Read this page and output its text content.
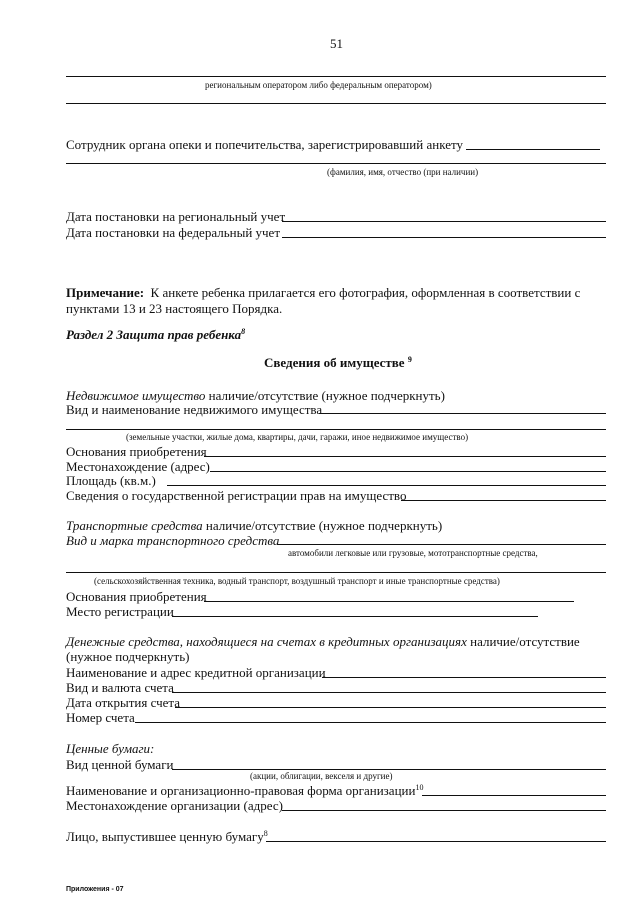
51
региональным оператором либо федеральным оператором)
Сотрудник органа опеки и попечительства, зарегистрировавший анкету
(фамилия, имя, отчество (при наличии)
Дата постановки на региональный учет
Дата постановки на федеральный учет
Примечание: К анкете ребенка прилагается его фотография, оформленная в соответствии с
пунктами 13 и 23 настоящего Порядка.
Раздел 2 Защита прав ребенка$^8$
Сведения об имуществе $^9$
Недвижимое имущество наличие/отсутствие (нужное подчеркнуть)
Вид и наименование недвижимого имущества
(земельные участки, жилые дома, квартиры, дачи, гаражи, иное недвижимое имущество)
Основания приобретения
Местонахождение (адрес)
Площадь (кв.м.)
Сведения о государственной регистрации прав на имущество
Транспортные средства наличие/отсутствие (нужное подчеркнуть)
Вид и марка транспортного средства
автомобили легковые или грузовые, мототранспортные средства,
(сельскохозяйственная техника, водный транспорт, воздушный транспорт и иные транспортные средства)
Основания приобретения
Место регистрации
Денежные средства, находящиеся на счетах в кредитных организациях наличие/отсутствие
(нужное подчеркнуть)
Наименование и адрес кредитной организации
Вид и валюта счета
Дата открытия счета
Номер счета
Ценные бумаги:
Вид ценной бумаги
(акции, облигации, векселя и другие)
Наименование и организационно-правовая форма организации$^{10}$
Местонахождение организации (адрес)
Лицо, выпустившее ценную бумагу$^8$
Приложения - 07
